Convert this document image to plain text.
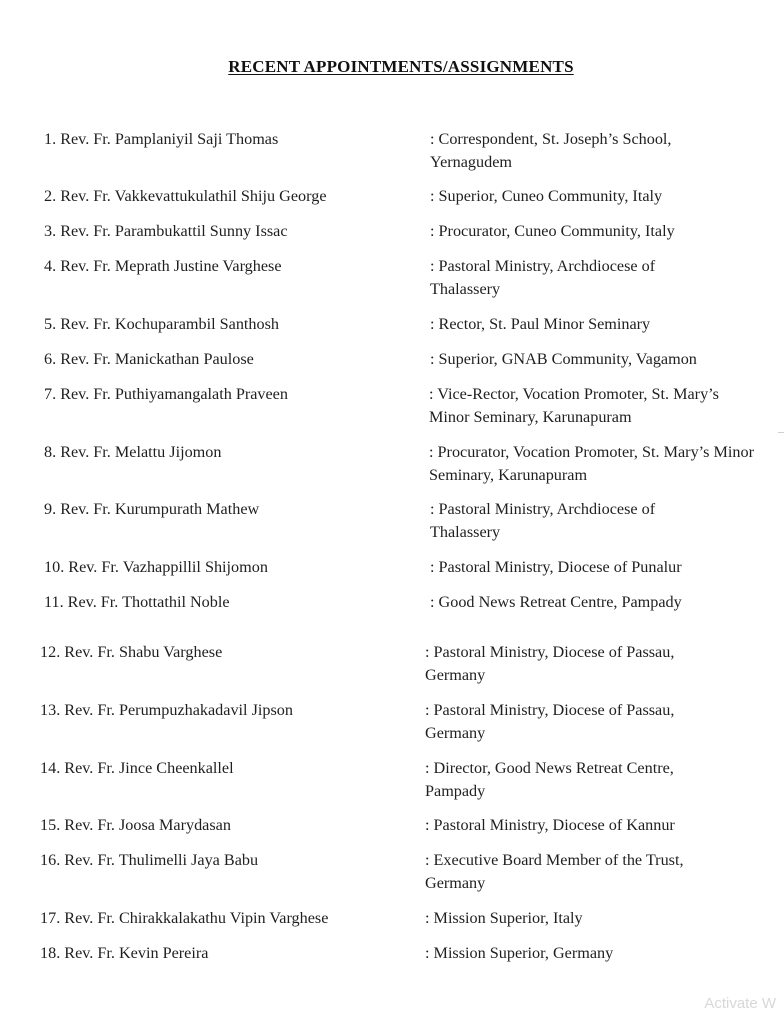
RECENT APPOINTMENTS/ASSIGNMENTS
1. Rev. Fr. Pamplaniyil Saji Thomas	: Correspondent, St. Joseph’s School, Yernagudem
2. Rev. Fr. Vakkevattukulathil Shiju George	: Superior, Cuneo Community, Italy
3. Rev. Fr. Parambukattil Sunny Issac	: Procurator, Cuneo Community, Italy
4. Rev. Fr. Meprath Justine Varghese	: Pastoral Ministry, Archdiocese of Thalassery
5. Rev. Fr. Kochuparambil Santhosh	: Rector, St. Paul Minor Seminary
6. Rev. Fr. Manickathan Paulose	: Superior, GNAB Community, Vagamon
7. Rev. Fr. Puthiyamangalath Praveen	: Vice-Rector, Vocation Promoter, St. Mary’s Minor Seminary, Karunapuram
8. Rev. Fr. Melattu Jijomon	: Procurator, Vocation Promoter, St. Mary’s Minor Seminary, Karunapuram
9. Rev. Fr. Kurumpurath Mathew	: Pastoral Ministry, Archdiocese of Thalassery
10. Rev. Fr. Vazhappillil Shijomon	: Pastoral Ministry, Diocese of Punalur
11. Rev. Fr. Thottathil Noble	: Good News Retreat Centre, Pampady
12. Rev. Fr. Shabu Varghese	: Pastoral Ministry, Diocese of Passau, Germany
13. Rev. Fr. Perumpuzhakadavil Jipson	: Pastoral Ministry, Diocese of Passau, Germany
14. Rev. Fr. Jince Cheenkallel	: Director, Good News Retreat Centre, Pampady
15. Rev. Fr. Joosa Marydasan	: Pastoral Ministry, Diocese of Kannur
16. Rev. Fr. Thulimelli Jaya Babu	: Executive Board Member of the Trust, Germany
17. Rev. Fr. Chirakkalakathu Vipin Varghese	: Mission Superior, Italy
18. Rev. Fr. Kevin Pereira	: Mission Superior, Germany
Activate W
